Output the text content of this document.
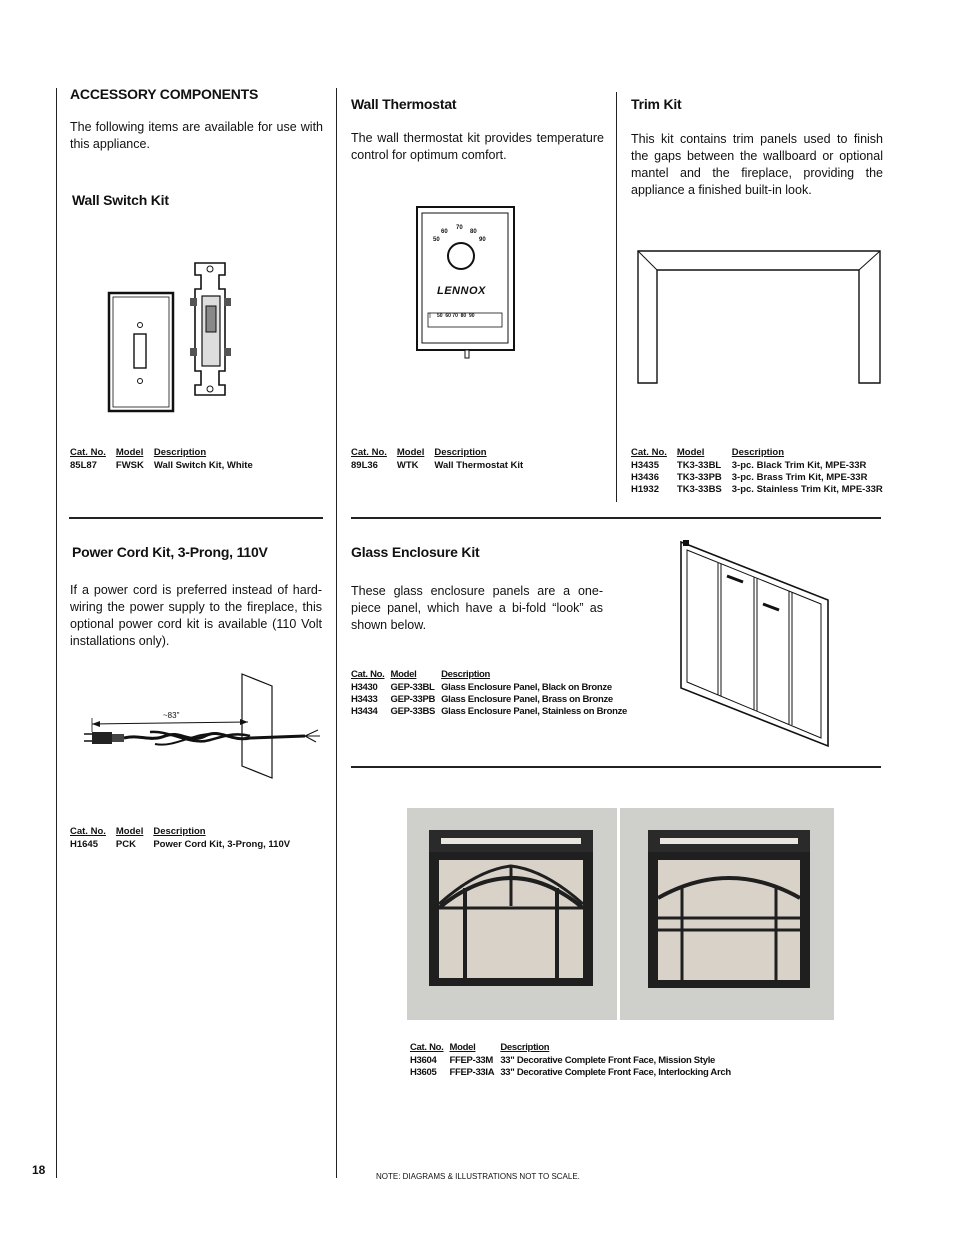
ACCESSORY COMPONENTS
The following items are available for use with this appliance.
Wall Switch Kit
Cat. No.	Model	Description
85L87	FWSK	Wall Switch Kit, White
Wall Thermostat
The wall thermostat kit provides temperature control for optimum comfort.
50
60
70
80
90
LENNOX
50  60 70  80  90
Cat. No.	Model	Description
89L36	WTK	Wall Thermostat Kit
Trim Kit
This kit contains trim panels used to finish the gaps between the wallboard or optional mantel and the fireplace, providing the appliance a finished built-in look.
Cat. No.	Model	Description
H3435	TK3-33BL	3-pc. Black Trim Kit, MPE-33R
H3436	TK3-33PB	3-pc. Brass Trim Kit, MPE-33R
H1932	TK3-33BS	3-pc. Stainless Trim Kit, MPE-33R
Power Cord Kit, 3-Prong, 110V
If a power cord is preferred instead of hard-wiring the power supply to the fireplace, this optional power cord kit is available (110 Volt installations only).
~83"
Cat. No.	Model	Description
H1645	PCK	Power Cord Kit, 3-Prong, 110V
Glass Enclosure Kit
These glass enclosure panels are a one-piece panel, which have a bi-fold “look” as shown below.
Cat. No.	Model	Description
H3430	GEP-33BL	Glass Enclosure Panel, Black on Bronze
H3433	GEP-33PB	Glass Enclosure Panel, Brass on Bronze
H3434	GEP-33BS	Glass Enclosure Panel, Stainless on Bronze
Cat. No.	Model	Description
H3604	FFEP-33M	33" Decorative Complete Front Face, Mission Style
H3605	FFEP-33IA	33" Decorative Complete Front Face, Interlocking Arch
18	NOTE: DIAGRAMS & ILLUSTRATIONS NOT TO SCALE.
